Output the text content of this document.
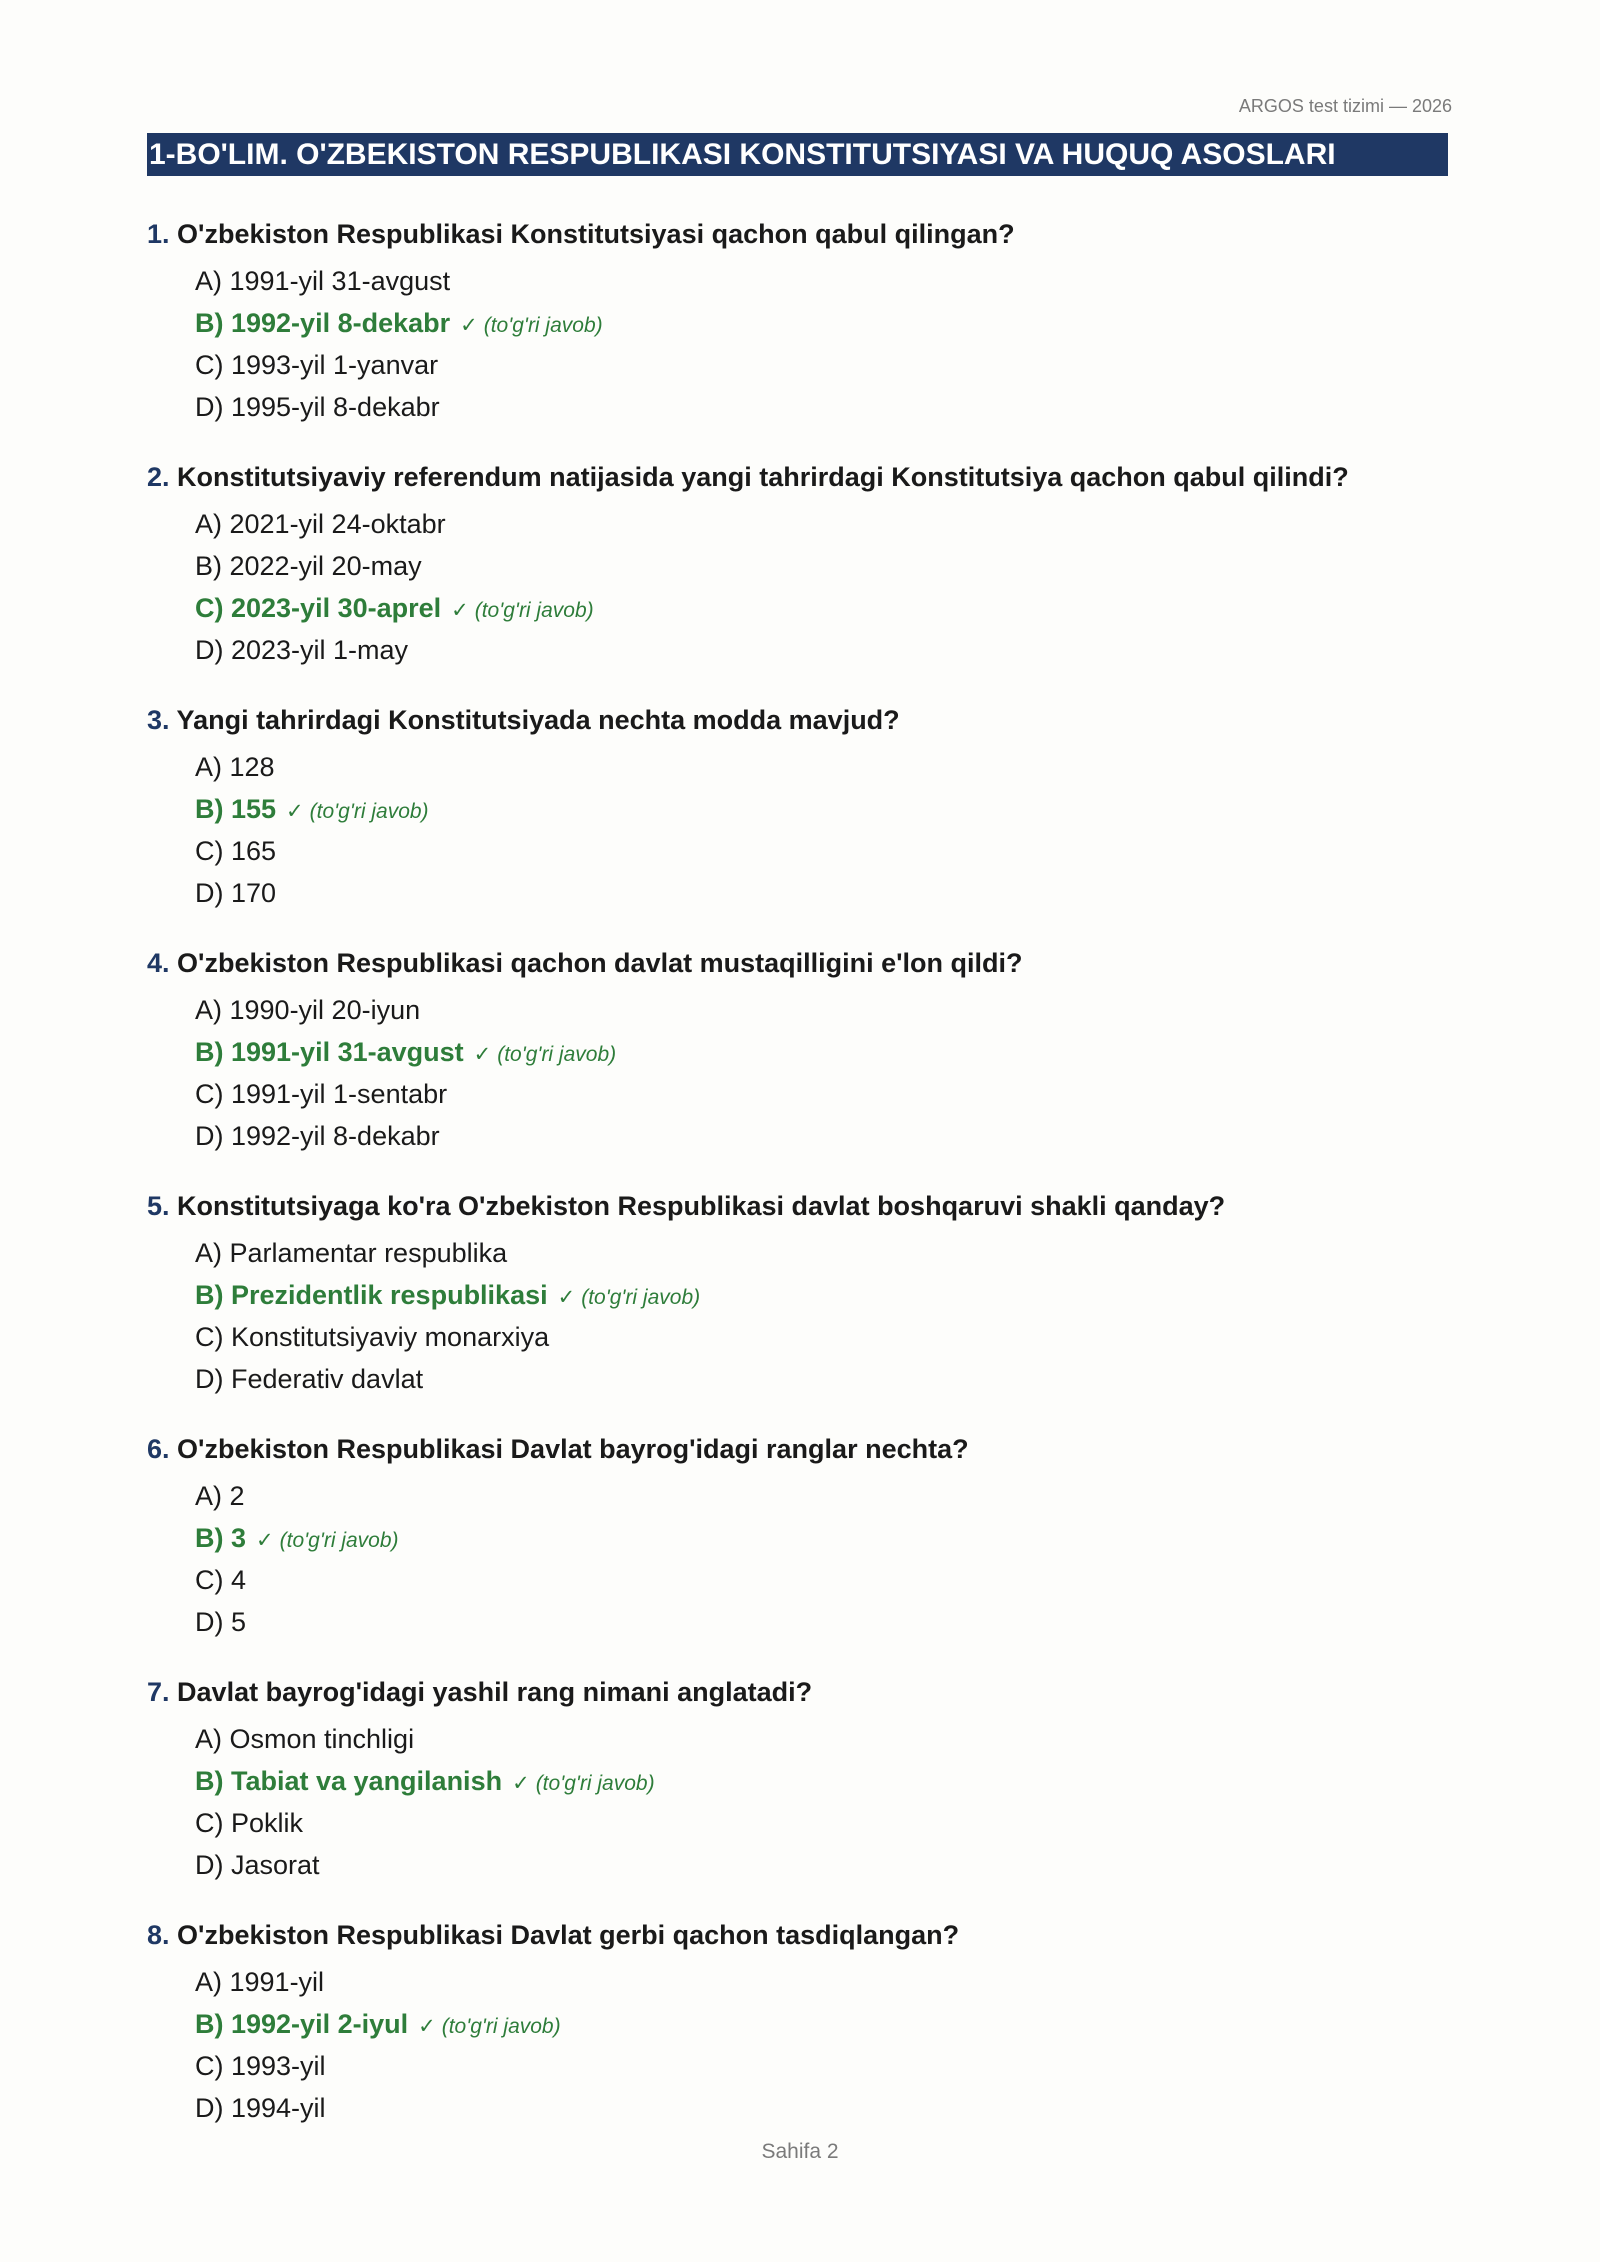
ARGOS test tizimi — 2026
1-BO'LIM. O'ZBEKISTON RESPUBLIKASI KONSTITUTSIYASI VA HUQUQ ASOSLARI
1. O'zbekiston Respublikasi Konstitutsiyasi qachon qabul qilingan?
A) 1991-yil 31-avgust
B) 1992-yil 8-dekabr ✓ (to'g'ri javob)
C) 1993-yil 1-yanvar
D) 1995-yil 8-dekabr
2. Konstitutsiyaviy referendum natijasida yangi tahrirdagi Konstitutsiya qachon qabul qilindi?
A) 2021-yil 24-oktabr
B) 2022-yil 20-may
C) 2023-yil 30-aprel ✓ (to'g'ri javob)
D) 2023-yil 1-may
3. Yangi tahrirdagi Konstitutsiyada nechta modda mavjud?
A) 128
B) 155 ✓ (to'g'ri javob)
C) 165
D) 170
4. O'zbekiston Respublikasi qachon davlat mustaqilligini e'lon qildi?
A) 1990-yil 20-iyun
B) 1991-yil 31-avgust ✓ (to'g'ri javob)
C) 1991-yil 1-sentabr
D) 1992-yil 8-dekabr
5. Konstitutsiyaga ko'ra O'zbekiston Respublikasi davlat boshqaruvi shakli qanday?
A) Parlamentar respublika
B) Prezidentlik respublikasi ✓ (to'g'ri javob)
C) Konstitutsiyaviy monarxiya
D) Federativ davlat
6. O'zbekiston Respublikasi Davlat bayrog'idagi ranglar nechta?
A) 2
B) 3 ✓ (to'g'ri javob)
C) 4
D) 5
7. Davlat bayrog'idagi yashil rang nimani anglatadi?
A) Osmon tinchligi
B) Tabiat va yangilanish ✓ (to'g'ri javob)
C) Poklik
D) Jasorat
8. O'zbekiston Respublikasi Davlat gerbi qachon tasdiqlangan?
A) 1991-yil
B) 1992-yil 2-iyul ✓ (to'g'ri javob)
C) 1993-yil
D) 1994-yil
Sahifa 2
